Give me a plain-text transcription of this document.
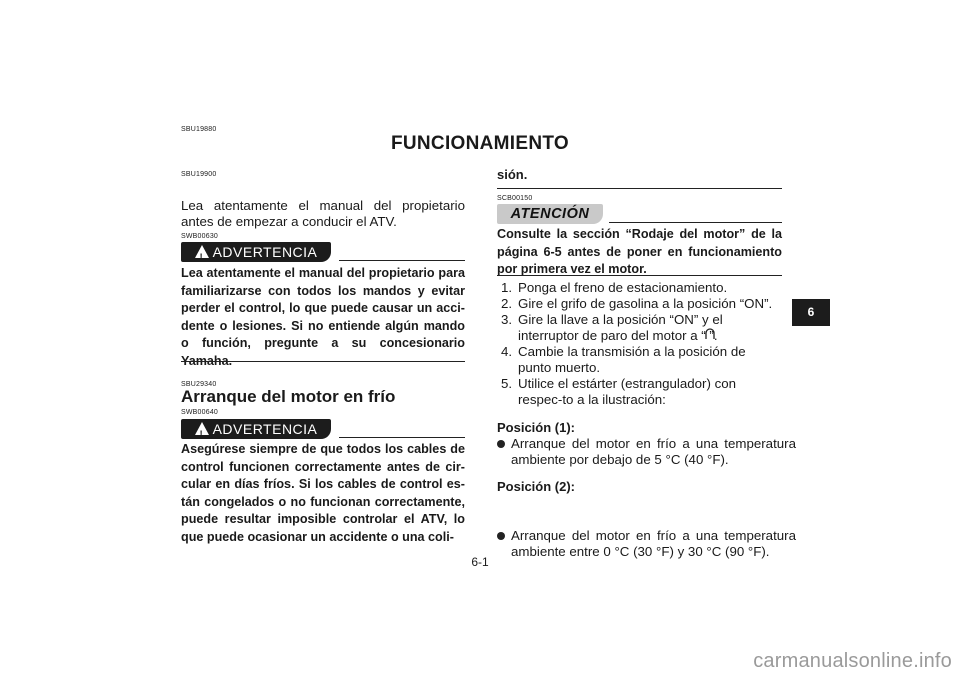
SBU19880
FUNCIONAMIENTO
SBU19900
Lea atentamente el manual del propietario antes de empezar a conducir el ATV.
SWB00630
!ADVERTENCIA
Lea atentamente el manual del propietario para familiarizarse con todos los mandos y evitar perder el control, lo que puede causar un acci-dente o lesiones. Si no entiende algún mando o función, pregunte a su concesionario Yamaha.
SBU29340
Arranque del motor en frío
SWB00640
!ADVERTENCIA
Asegúrese siempre de que todos los cables de control funcionen correctamente antes de cir-cular en días fríos. Si los cables de control es-tán congelados o no funcionan correctamente, puede resultar imposible controlar el ATV, lo que puede ocasionar un accidente o una coli-
sión.
SCB00150
ATENCIÓN
Consulte la sección “Rodaje del motor” de la página 6-5 antes de poner en funcionamiento por primera vez el motor.
1. Ponga el freno de estacionamiento.
2. Gire el grifo de gasolina a la posición “ON”.
3. Gire la llave a la posición “ON” y el interruptor de paro del motor a “ ”.
4. Cambie la transmisión a la posición de punto muerto.
5. Utilice el estárter (estrangulador) con respec-to a la ilustración:
Posición (1):
Arranque del motor en frío a una temperatura ambiente por debajo de 5 °C (40 °F).
Posición (2):
Arranque del motor en frío a una temperatura ambiente entre 0 °C (30 °F) y 30 °C (90 °F).
6
6-1
carmanualsonline.info
